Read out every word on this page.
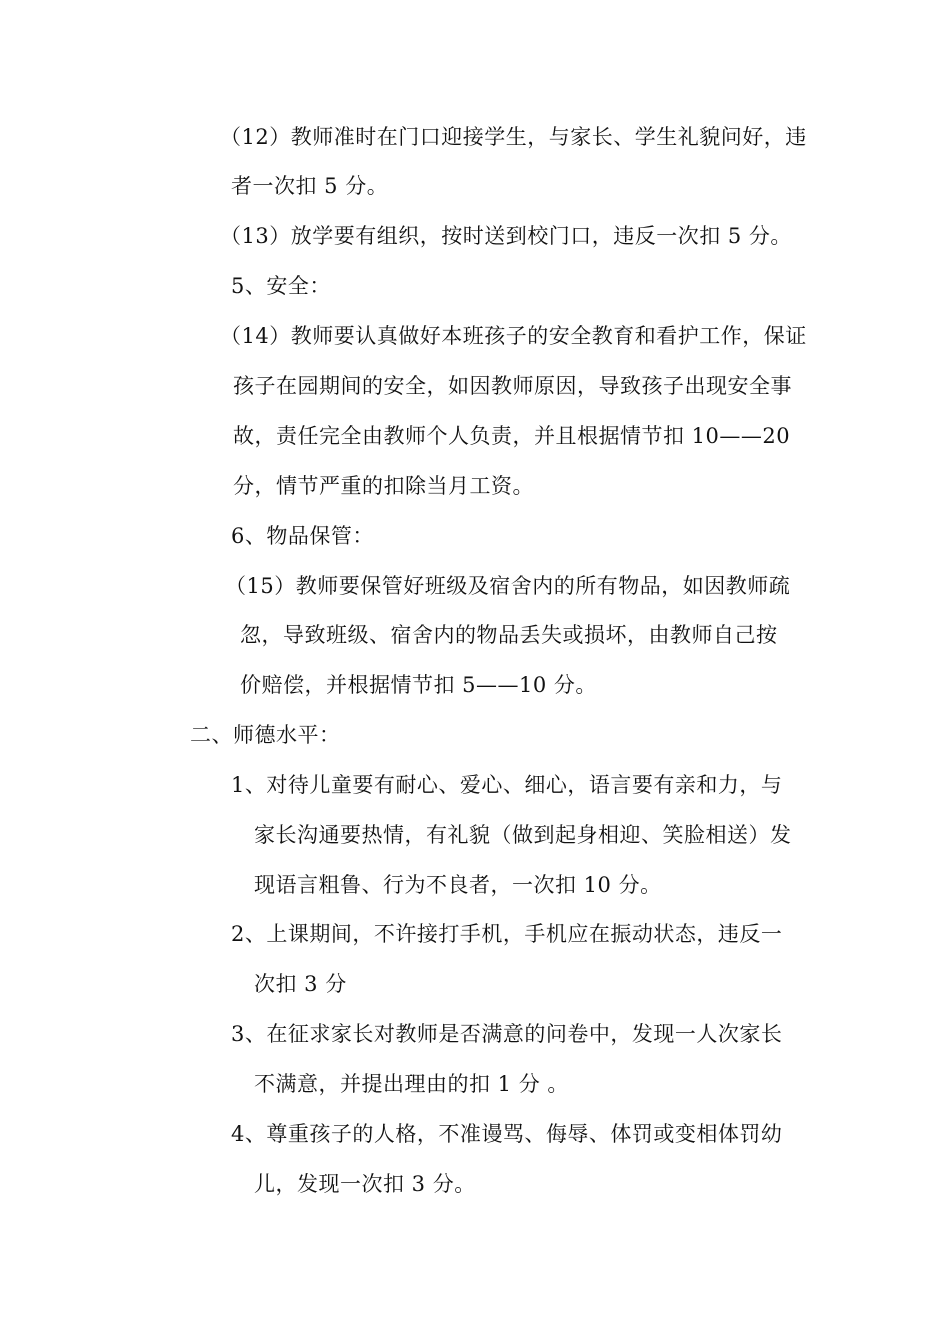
（12）教师准时在门口迎接学生，与家长、学生礼貌问好，违
者一次扣 5 分。
（13）放学要有组织，按时送到校门口，违反一次扣 5 分。
5、安全：
（14）教师要认真做好本班孩子的安全教育和看护工作，保证
孩子在园期间的安全，如因教师原因，导致孩子出现安全事
故，责任完全由教师个人负责，并且根据情节扣 10——20
分，情节严重的扣除当月工资。
6、物品保管：
（15）教师要保管好班级及宿舍内的所有物品，如因教师疏
忽，导致班级、宿舍内的物品丢失或损坏，由教师自己按
价赔偿，并根据情节扣 5——10 分。
二、师德水平：
1、对待儿童要有耐心、爱心、细心，语言要有亲和力，与
家长沟通要热情，有礼貌（做到起身相迎、笑脸相送）发
现语言粗鲁、行为不良者，一次扣 10 分。
2、上课期间，不许接打手机，手机应在振动状态，违反一
次扣 3 分
3、在征求家长对教师是否满意的问卷中，发现一人次家长
不满意，并提出理由的扣 1 分 。
4、尊重孩子的人格，不准谩骂、侮辱、体罚或变相体罚幼
儿，发现一次扣 3 分。
